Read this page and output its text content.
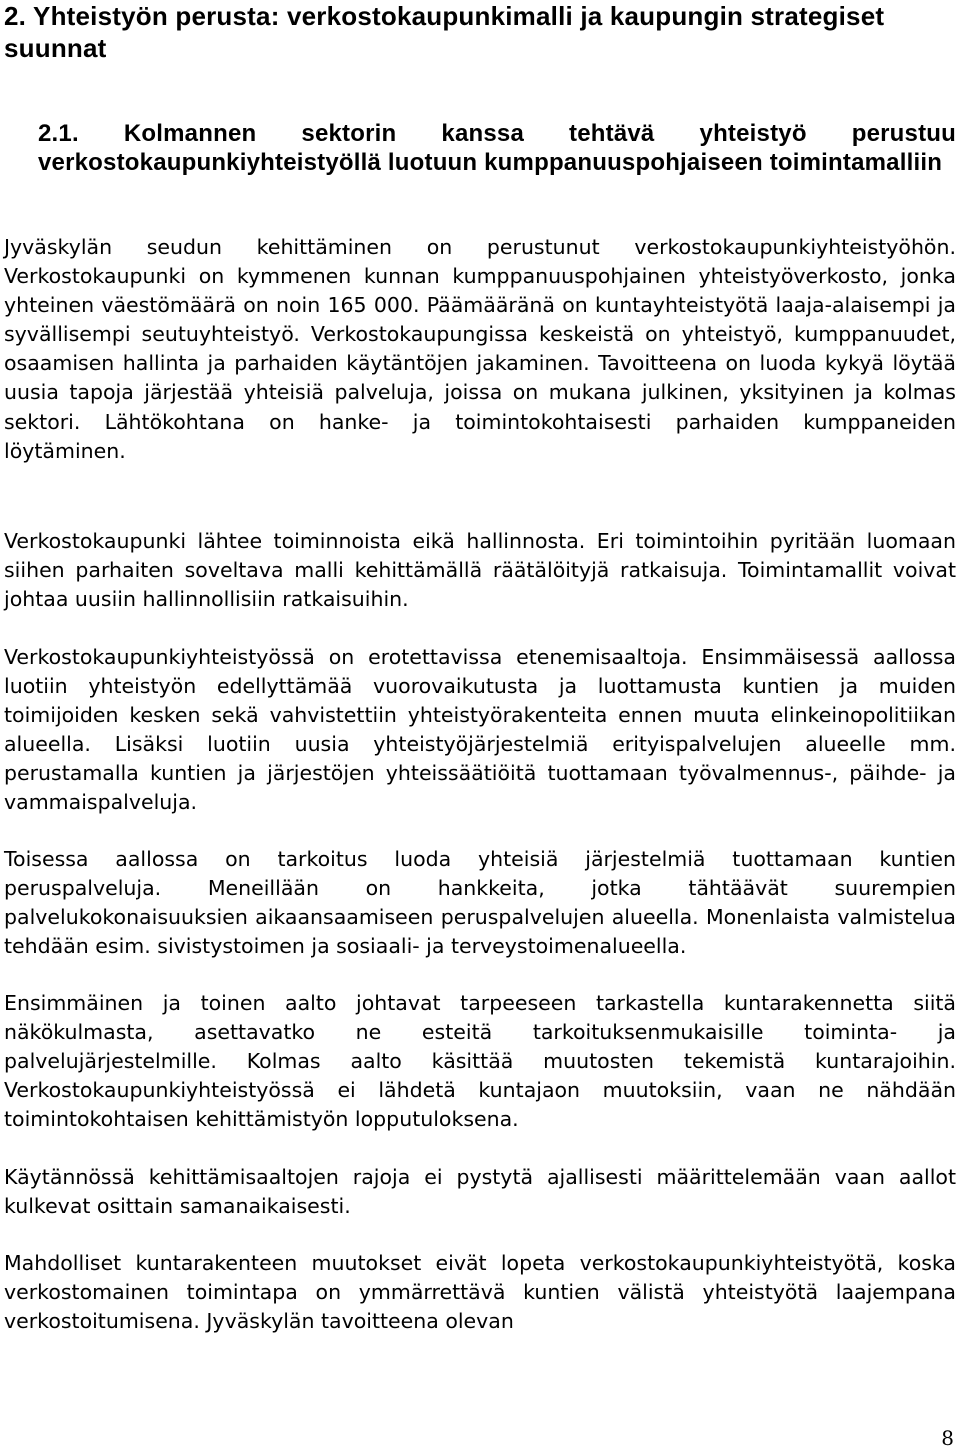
2. Yhteistyön perusta: verkostokaupunkimalli ja kaupungin strategiset suunnat
2.1. Kolmannen sektorin kanssa tehtävä yhteistyö perustuu verkostokaupunkiyhteistyöllä luotuun kumppanuuspohjaiseen toimintamalliin

Jyväskylän seudun kehittäminen on perustunut verkostokaupunkiyhteistyöhön. Verkostokaupunki on kymmenen kunnan kumppanuuspohjainen yhteistyöverkosto, jonka yhteinen väestömäärä on noin 165 000. Päämääränä on kuntayhteistyötä laaja-alaisempi ja syvällisempi seutuyhteistyö. Verkostokaupungissa keskeistä on yhteistyö, kumppanuudet, osaamisen hallinta ja parhaiden käytäntöjen jakaminen. Tavoitteena on luoda kykyä löytää uusia tapoja järjestää yhteisiä palveluja, joissa on mukana julkinen, yksityinen ja kolmas sektori. Lähtökohtana on hanke- ja toimintokohtaisesti parhaiden kumppaneiden löytäminen.

Verkostokaupunki lähtee toiminnoista eikä hallinnosta. Eri toimintoihin pyritään luomaan siihen parhaiten soveltava malli kehittämällä räätälöityjä ratkaisuja. Toimintamallit voivat johtaa uusiin hallinnollisiin ratkaisuihin.

Verkostokaupunkiyhteistyössä on erotettavissa etenemisaaltoja. Ensimmäisessä aallossa luotiin yhteistyön edellyttämää vuorovaikutusta ja luottamusta kuntien ja muiden toimijoiden kesken sekä vahvistettiin yhteistyörakenteita ennen muuta elinkeinopolitiikan alueella. Lisäksi luotiin uusia yhteistyöjärjestelmiä erityispalvelujen alueelle mm. perustamalla kuntien ja järjestöjen yhteissäätiöitä tuottamaan työvalmennus-, päihde- ja vammaispalveluja.

Toisessa aallossa on tarkoitus luoda yhteisiä järjestelmiä tuottamaan kuntien peruspalveluja. Meneillään on hankkeita, jotka tähtäävät suurempien palvelukokonaisuuksien aikaansaamiseen peruspalvelujen alueella. Monenlaista valmistelua tehdään esim. sivistystoimen ja sosiaali- ja terveystoimenalueella.

Ensimmäinen ja toinen aalto johtavat tarpeeseen tarkastella kuntarakennetta siitä näkökulmasta, asettavatko ne esteitä tarkoituksenmukaisille toiminta- ja palvelujärjestelmille. Kolmas aalto käsittää muutosten tekemistä kuntarajoihin. Verkostokaupunkiyhteistyössä ei lähdetä kuntajaon muutoksiin, vaan ne nähdään toimintokohtaisen kehittämistyön lopputuloksena.

Käytännössä kehittämisaaltojen rajoja ei pystytä ajallisesti määrittelemään vaan aallot kulkevat osittain samanaikaisesti.

Mahdolliset kuntarakenteen muutokset eivät lopeta verkostokaupunkiyhteistyötä, koska verkostomainen toimintapa on ymmärrettävä kuntien välistä yhteistyötä laajempana verkostoitumisena. Jyväskylän tavoitteena olevan

8
